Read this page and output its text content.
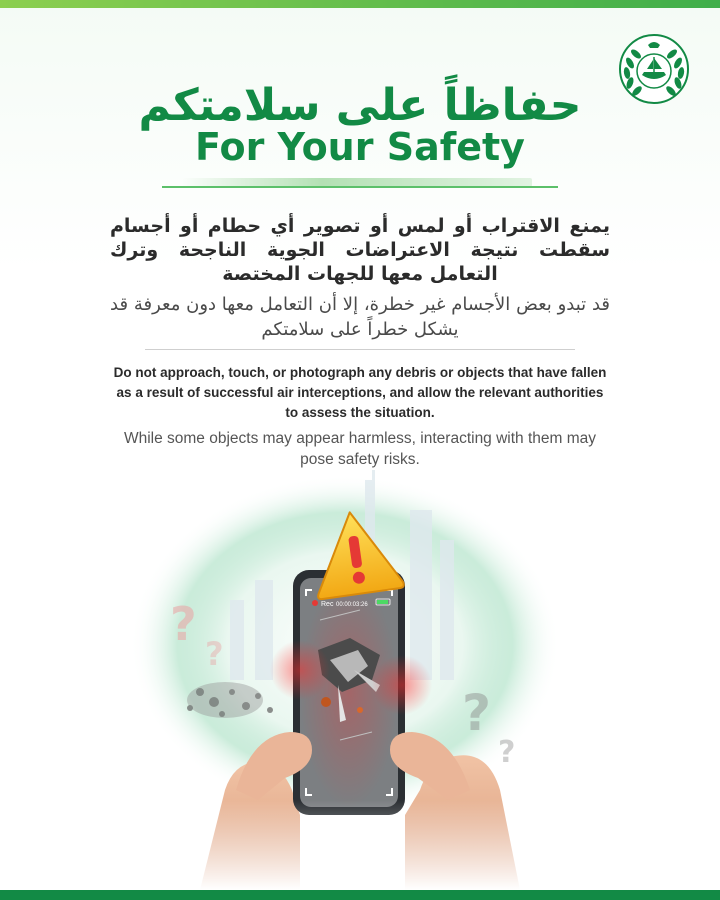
حفاظاً على سلامتكم
For Your Safety
يمنع الاقتراب أو لمس أو تصوير أي حطام أو أجسام سقطت نتيجة الاعتراضات الجوية الناجحة وترك التعامل معها للجهات المختصة
قد تبدو بعض الأجسام غير خطرة، إلا أن التعامل معها دون معرفة قد يشكل خطراً على سلامتكم
Do not approach, touch, or photograph any debris or objects that have fallen as a result of successful air interceptions, and allow the relevant authorities to assess the situation.
While some objects may appear harmless, interacting with them may pose safety risks.
?
?
?
?
Rec 00:00:03:26
